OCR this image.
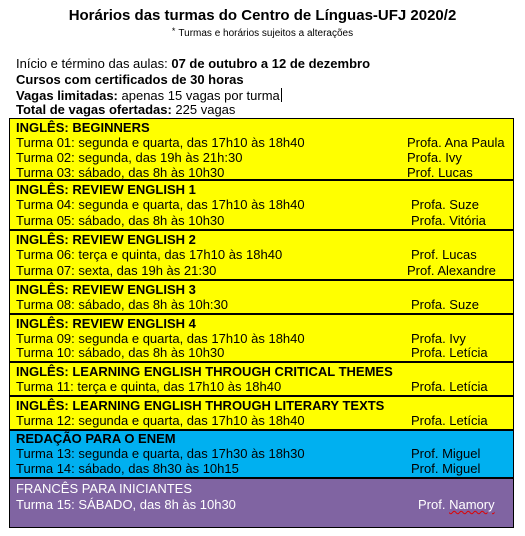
Horários das turmas do Centro de Línguas-UFJ 2020/2
* Turmas e horários sujeitos a alterações
Início e término das aulas: 07 de outubro a 12 de dezembro
Cursos com certificados de 30 horas
Vagas limitadas: apenas 15 vagas por turma
Total de vagas ofertadas: 225 vagas
INGLÊS: BEGINNERS
Turma 01: segunda e quarta, das 17h10 às 18h40	Profa. Ana Paula
Turma 02: segunda, das 19h às 21h:30	Profa. Ivy
Turma 03: sábado, das 8h às 10h30	Prof. Lucas
INGLÊS: REVIEW ENGLISH 1
Turma 04: segunda e quarta, das 17h10 às 18h40	Profa. Suze
Turma 05: sábado, das 8h às 10h30	Profa. Vitória
INGLÊS: REVIEW ENGLISH 2
Turma 06: terça e quinta, das 17h10 às 18h40	Prof. Lucas
Turma 07: sexta, das 19h às 21:30	Prof. Alexandre
INGLÊS: REVIEW ENGLISH 3
Turma 08: sábado, das 8h às 10h:30	Profa. Suze
INGLÊS: REVIEW ENGLISH 4
Turma 09: segunda e quarta, das 17h10 às 18h40	Profa. Ivy
Turma 10: sábado, das 8h às 10h30	Profa. Letícia
INGLÊS: LEARNING ENGLISH THROUGH CRITICAL THEMES
Turma 11: terça e quinta, das 17h10 às 18h40	Profa. Letícia
INGLÊS: LEARNING ENGLISH THROUGH LITERARY TEXTS
Turma 12: segunda e quarta, das 17h10 às 18h40	Profa. Letícia
REDAÇÃO PARA O ENEM
Turma 13: segunda e quarta, das 17h30 às 18h30	Prof. Miguel
Turma 14: sábado, das 8h30 às 10h15	Prof. Miguel
FRANCÊS PARA INICIANTES
Turma 15: SÁBADO, das 8h às 10h30	Prof. Namory
